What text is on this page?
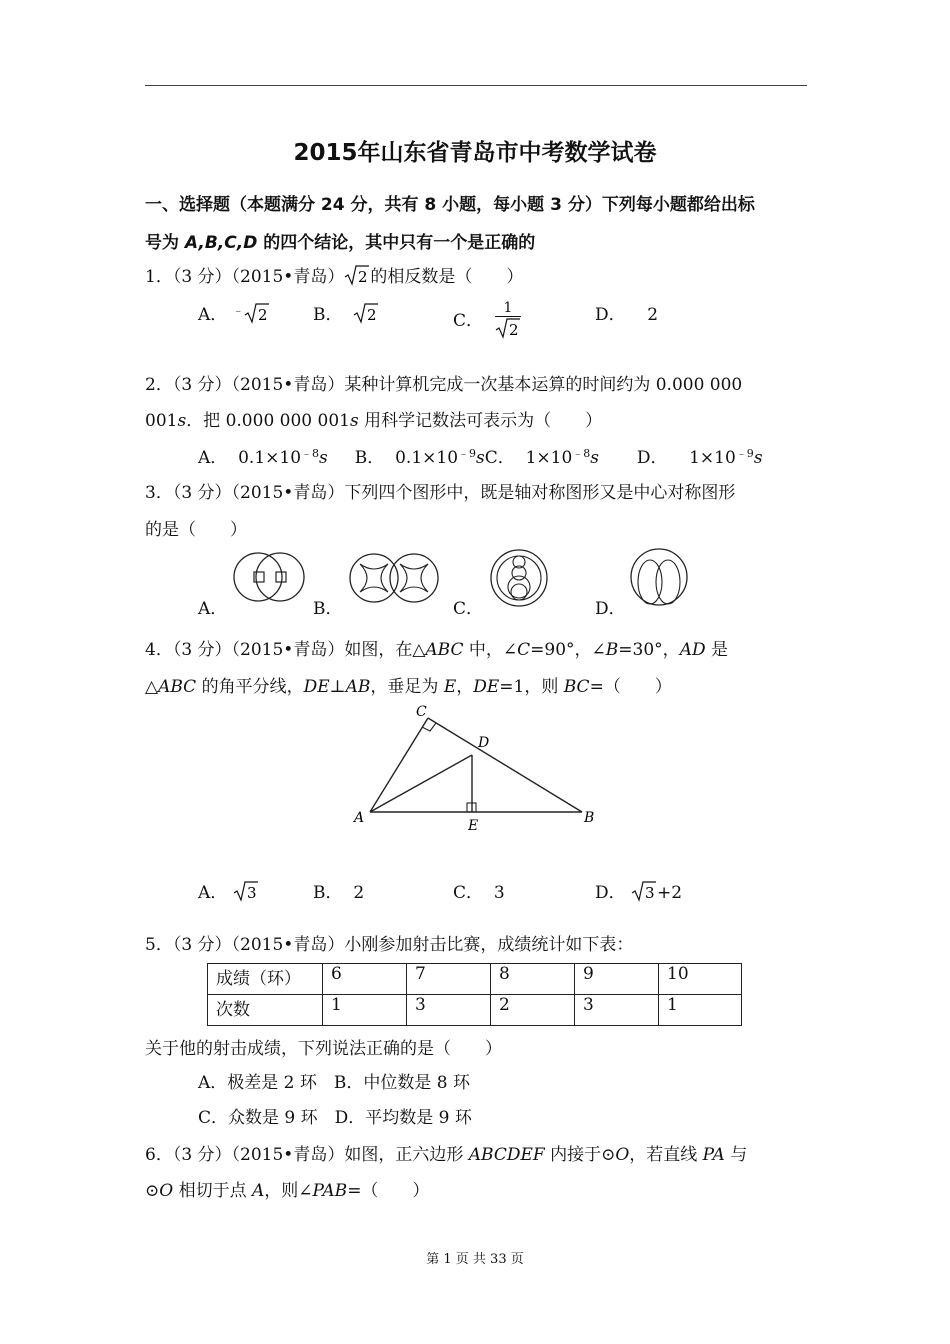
2015年山东省青岛市中考数学试卷
一、选择题（本题满分 24 分，共有 8 小题，每小题 3 分）下列每小题都给出标
号为 A,B,C,D 的四个结论，其中只有一个是正确的
1．（3 分）（2015•青岛） 2 的相反数是（　　）
A． ﹣ 2	B． 2	C． $\frac{1}{2}$	D． 2
2．（3 分）（2015•青岛）某种计算机完成一次基本运算的时间约为 0.000 000
001s．把 0.000 000 001s 用科学记数法可表示为（　　）
A． $0.1\times 10^{﹣8}s$ B． $0.1\times 10^{﹣9}sC$． $1\times 10^{﹣8}s$ D． $1\times 10^{﹣9}s$
3．（3 分）（2015•青岛）下列四个图形中，既是轴对称图形又是中心对称图形
的是（　　）
A．	B．	C．	D．
4．（3 分）（2015•青岛）如图，在△ABC 中，∠C=90°，∠B=30°，AD 是
△ABC 的角平分线，DE⊥AB，垂足为 E，DE=1，则 BC=（　　）
C
D
A	E	B
A． 3	B． 2	C． 3	D． 3 +2
5．（3 分）（2015•青岛）小刚参加射击比赛，成绩统计如下表：
成绩（环）	6	7	8	9	10
次数	1	3	2	3	1
关于他的射击成绩，下列说法正确的是（　　）
A．极差是 2 环　B．中位数是 8 环
C．众数是 9 环　D．平均数是 9 环
6．（3 分）（2015•青岛）如图，正六边形 ABCDEF 内接于⊙O，若直线 PA 与
⊙O 相切于点 A，则∠PAB=（　　）
第 1 页 共 33 页
